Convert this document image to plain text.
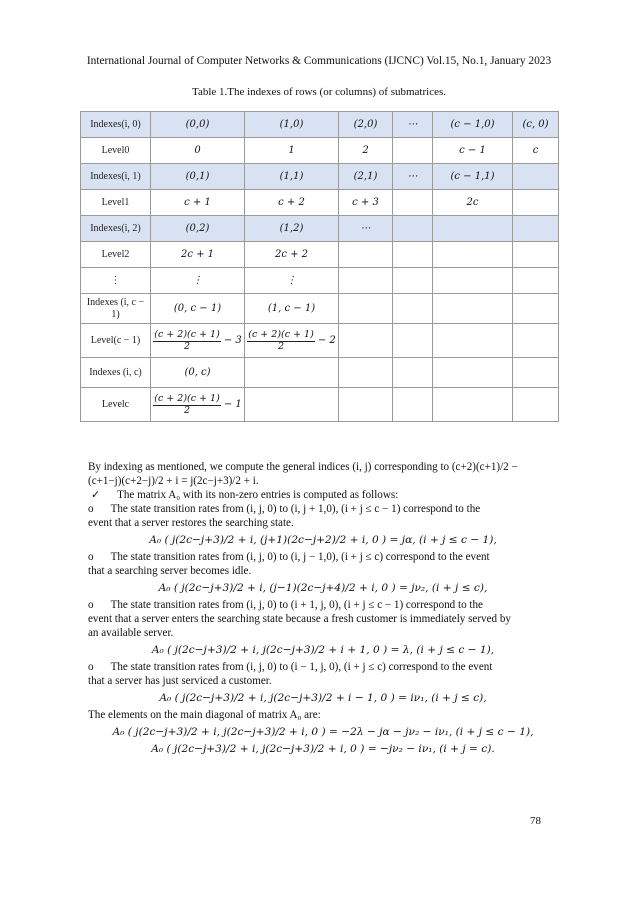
International Journal of Computer Networks & Communications (IJCNC) Vol.15, No.1, January 2023
Table 1.The indexes of rows (or columns) of submatrices.
Indexes(i, 0)	(0,0)	(1,0)	(2,0)	⋯	(c − 1,0)	(c, 0)
Level0	0	1	2		c − 1	c
Indexes(i, 1)	(0,1)	(1,1)	(2,1)	⋯	(c − 1,1)	
Level1	c + 1	c + 2	c + 3		2c	
Indexes(i, 2)	(0,2)	(1,2)	⋯			
Level2	2c + 1	2c + 2				
⋮	⋮	⋮				
Indexes (i, c − 1)	(0, c − 1)	(1, c − 1)				
Level(c − 1)	$\frac{(c + 2)(c + 1)}{2} - 3$	$\frac{(c + 2)(c + 1)}{2} - 2$				

Indexes (i, c)	(0, c)					
Levelc	$\frac{(c + 2)(c + 1)}{2} - 1$					

By indexing as mentioned, we compute the general indices (i, j) corresponding to (c+2)(c+1)/2 −
(c+1−j)(c+2−j)/2 + i = j(2c−j+3)/2 + i.
✓ The matrix A₀ with its non-zero entries is computed as follows:
o The state transition rates from (i, j, 0) to (i, j + 1,0), (i + j ≤ c − 1) correspond to the
event that a server restores the searching state.
A₀ ( j(2c−j+3)/2 + i, (j+1)(2c−j+2)/2 + i, 0 ) = jα, (i + j ≤ c − 1),
o The state transition rates from (i, j, 0) to (i, j − 1,0), (i + j ≤ c) correspond to the event
that a searching server becomes idle.
A₀ ( j(2c−j+3)/2 + i, (j−1)(2c−j+4)/2 + i, 0 ) = jν₂, (i + j ≤ c),
o The state transition rates from (i, j, 0) to (i + 1, j, 0), (i + j ≤ c − 1) correspond to the
event that a server enters the searching state because a fresh customer is immediately served by
an available server.
A₀ ( j(2c−j+3)/2 + i, j(2c−j+3)/2 + i + 1, 0 ) = λ, (i + j ≤ c − 1),
o The state transition rates from (i, j, 0) to (i − 1, j, 0), (i + j ≤ c) correspond to the event
that a server has just serviced a customer.
A₀ ( j(2c−j+3)/2 + i, j(2c−j+3)/2 + i − 1, 0 ) = iν₁, (i + j ≤ c),
The elements on the main diagonal of matrix A₀ are:
A₀ ( j(2c−j+3)/2 + i, j(2c−j+3)/2 + i, 0 ) = −2λ − jα − jν₂ − iν₁, (i + j ≤ c − 1),
A₀ ( j(2c−j+3)/2 + i, j(2c−j+3)/2 + i, 0 ) = −jν₂ − iν₁, (i + j = c).
78
